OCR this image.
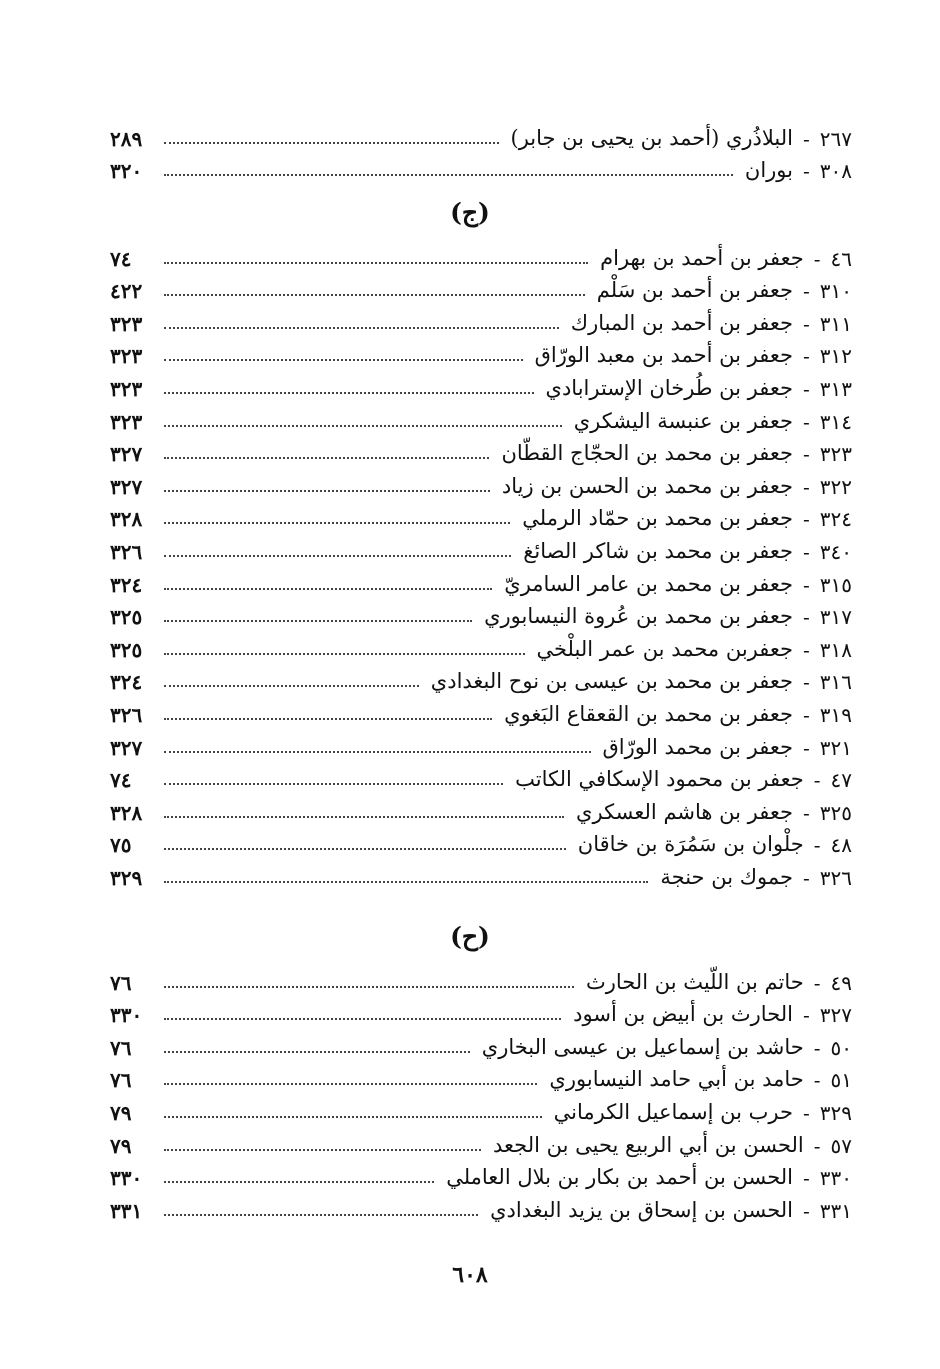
٢٦٧
-
البلاذُري (أحمد بن يحيى بن جابر)
٢٨٩
٣٠٨
-
بوران
٣٢٠
(ج)
٤٦
-
جعفر بن أحمد بن بهرام
٧٤
٣١٠
-
جعفر بن أحمد بن سَلْم
٤٢٢
٣١١
-
جعفر بن أحمد بن المبارك
٣٢٣
٣١٢
-
جعفر بن أحمد بن معبد الورّاق
٣٢٣
٣١٣
-
جعفر بن طُرخان الإسترابادي
٣٢٣
٣١٤
-
جعفر بن عنبسة اليشكري
٣٢٣
٣٢٣
-
جعفر بن محمد بن الحجّاج القطّان
٣٢٧
٣٢٢
-
جعفر بن محمد بن الحسن بن زياد
٣٢٧
٣٢٤
-
جعفر بن محمد بن حمّاد الرملي
٣٢٨
٣٤٠
-
جعفر بن محمد بن شاكر الصائغ
٣٢٦
٣١٥
-
جعفر بن محمد بن عامر السامريّ
٣٢٤
٣١٧
-
جعفر بن محمد بن عُروة النيسابوري
٣٢٥
٣١٨
-
جعفربن محمد بن عمر البلْخي
٣٢٥
٣١٦
-
جعفر بن محمد بن عيسى بن نوح البغدادي
٣٢٤
٣١٩
-
جعفر بن محمد بن القعقاع البَغوي
٣٢٦
٣٢١
-
جعفر بن محمد الورّاق
٣٢٧
٤٧
-
جعفر بن محمود الإسكافي الكاتب
٧٤
٣٢٥
-
جعفر بن هاشم العسكري
٣٢٨
٤٨
-
جلْوان بن سَمُرَة بن خاقان
٧٥
٣٢٦
-
جموك بن حنجة
٣٢٩
(ح)
٤٩
-
حاتم بن اللّيث بن الحارث
٧٦
٣٢٧
-
الحارث بن أبيض بن أسود
٣٣٠
٥٠
-
حاشد بن إسماعيل بن عيسى البخاري
٧٦
٥١
-
حامد بن أبي حامد النيسابوري
٧٦
٣٢٩
-
حرب بن إسماعيل الكرماني
٧٩
٥٧
-
الحسن بن أبي الربيع يحيى بن الجعد
٧٩
٣٣٠
-
الحسن بن أحمد بن بكار بن بلال العاملي
٣٣٠
٣٣١
-
الحسن بن إسحاق بن يزيد البغدادي
٣٣١
٦٠٨
